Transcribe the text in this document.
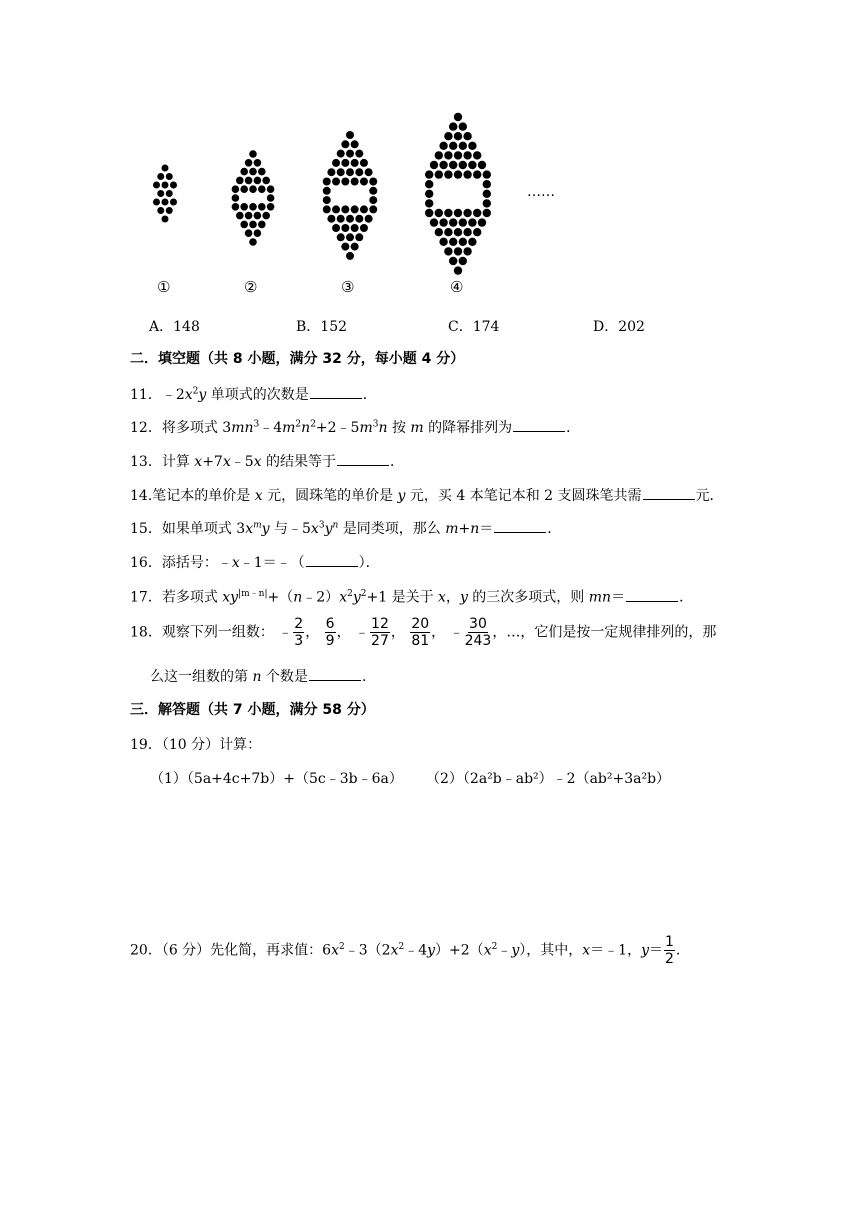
……
①	②	③	④
A．148	B．152	C．174	D．202
二．填空题（共 8 小题，满分 32 分，每小题 4 分）
11．$﹣2x^2y$ 单项式的次数是	．
12．将多项式 $3mn^3﹣4m^2n^2+2﹣5m^3n$ 按 m 的降幂排列为	．
13．计算 x+7x﹣5x 的结果等于	．
14.笔记本的单价是 x 元，圆珠笔的单价是 y 元，买 4 本笔记本和 2 支圆珠笔共需	元．
15．如果单项式 $3x^my$ 与$﹣5x^3y^n$ 是同类项，那么 m+n＝	．
16．添括号：﹣x﹣1＝﹣（	）．
17．若多项式 $xy^{|m﹣n|}+(n﹣2)x^2y^2+1$ 是关于 x，y 的三次多项式，则 mn＝	．
18．观察下列一组数： ﹣ $\frac{2}{3}$ ， $\frac{6}{9}$ ， ﹣ $\frac{12}{27}$ ， $\frac{20}{81}$ ， ﹣ $\frac{30}{243}$ ，…，它们是按一定规律排列的，那
么这一组数的第 n 个数是	．
三．解答题（共 7 小题，满分 58 分）
19．（10 分）计算：
（1）（5a+4c+7b）+（5c﹣3b﹣6a） （2）（2a²b﹣ab²）﹣2（ab²+3a²b）
20．（6 分）先化简，再求值：$6x^2﹣3(2x^2﹣4y)+2(x^2﹣y)$，其中，x＝﹣1，$y= \frac{1}{2}$ .
